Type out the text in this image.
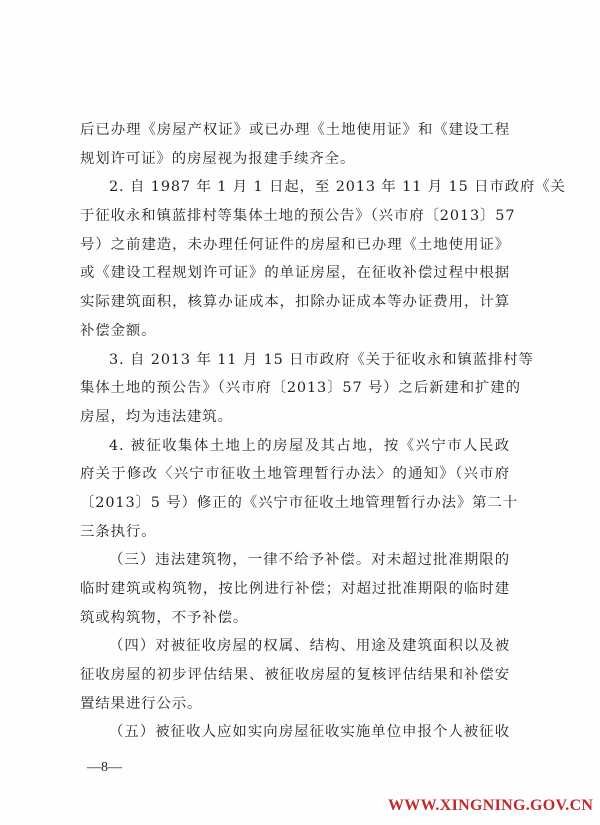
后已办理《房屋产权证》或已办理《土地使用证》和《建设工程
规划许可证》的房屋视为报建手续齐全。
2. 自 1987 年 1 月 1 日起，至 2013 年 11 月 15 日市政府《关
于征收永和镇蓝排村等集体土地的预公告》（兴市府〔2013〕57
号）之前建造，未办理任何证件的房屋和已办理《土地使用证》
或《建设工程规划许可证》的单证房屋，在征收补偿过程中根据
实际建筑面积，核算办证成本，扣除办证成本等办证费用，计算
补偿金额。
3. 自 2013 年 11 月 15 日市政府《关于征收永和镇蓝排村等
集体土地的预公告》（兴市府〔2013〕57 号）之后新建和扩建的
房屋，均为违法建筑。
4. 被征收集体土地上的房屋及其占地，按《兴宁市人民政
府关于修改〈兴宁市征收土地管理暂行办法〉的通知》（兴市府
〔2013〕5 号）修正的《兴宁市征收土地管理暂行办法》第二十
三条执行。
（三）违法建筑物，一律不给予补偿。对未超过批准期限的
临时建筑或构筑物，按比例进行补偿；对超过批准期限的临时建
筑或构筑物，不予补偿。
（四）对被征收房屋的权属、结构、用途及建筑面积以及被
征收房屋的初步评估结果、被征收房屋的复核评估结果和补偿安
置结果进行公示。
（五）被征收人应如实向房屋征收实施单位申报个人被征收
—8—
WWW.XINGNING.GOV.CN
